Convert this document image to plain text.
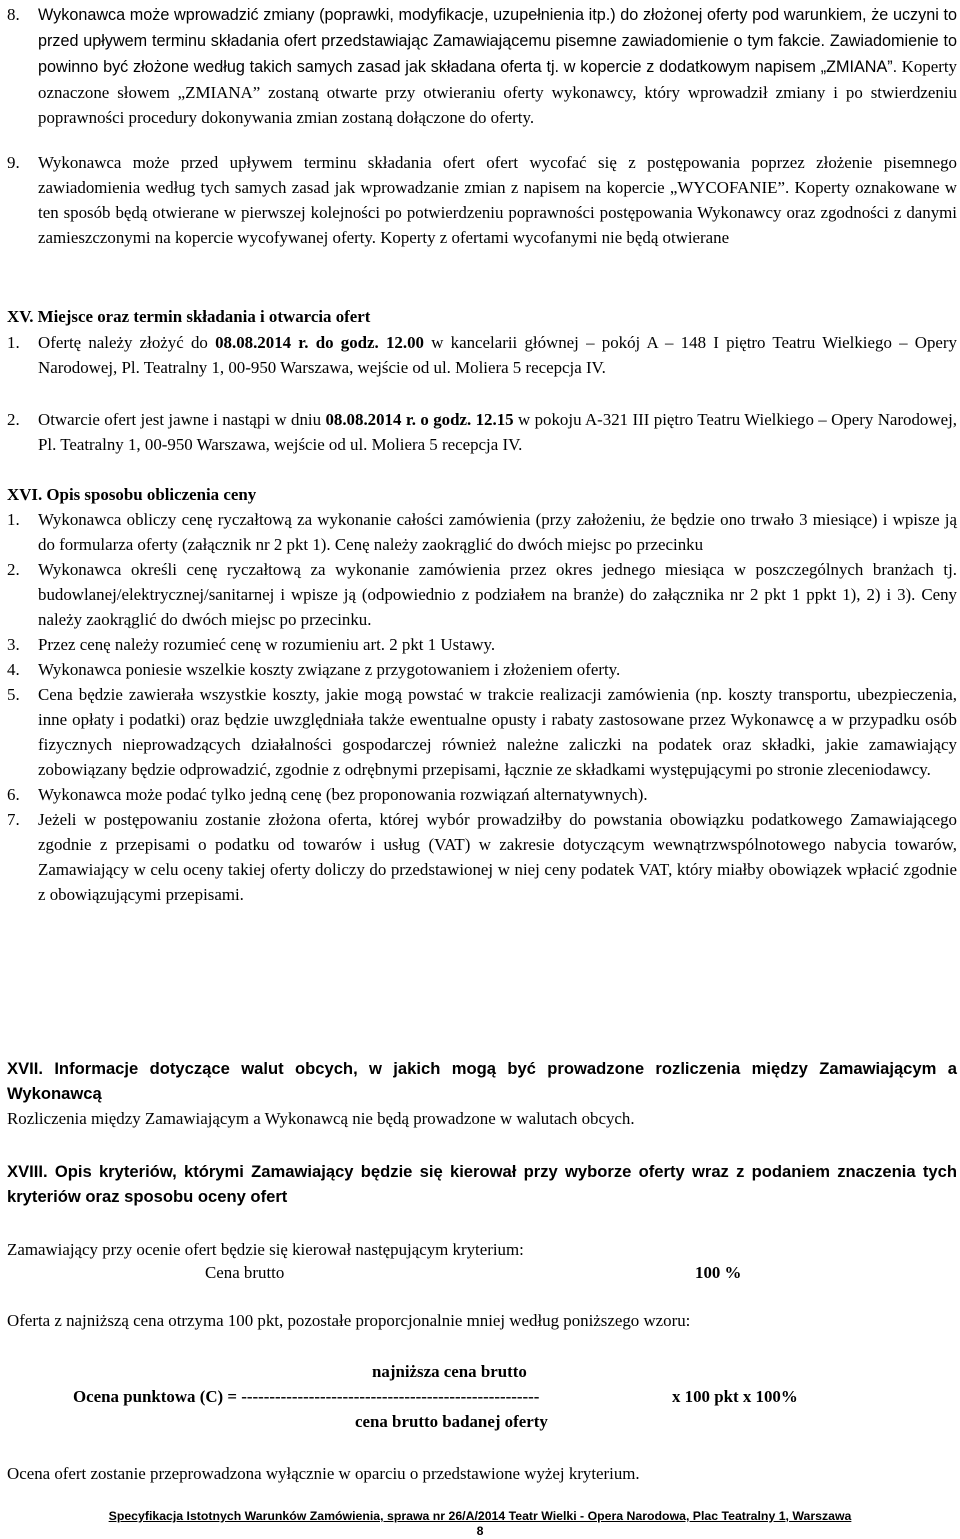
8. Wykonawca może wprowadzić zmiany (poprawki, modyfikacje, uzupełnienia itp.) do złożonej oferty pod warunkiem, że uczyni to przed upływem terminu składania ofert przedstawiając Zamawiającemu pisemne zawiadomienie o tym fakcie. Zawiadomienie to powinno być złożone według takich samych zasad jak składana oferta tj. w kopercie z dodatkowym napisem „ZMIANA”. Koperty oznaczone słowem „ZMIANA” zostaną otwarte przy otwieraniu oferty wykonawcy, który wprowadził zmiany i po stwierdzeniu poprawności procedury dokonywania zmian zostaną dołączone do oferty.

9. Wykonawca może przed upływem terminu składania ofert ofert wycofać się z postępowania poprzez złożenie pisemnego zawiadomienia według tych samych zasad jak wprowadzanie zmian z napisem na kopercie „WYCOFANIE”. Koperty oznakowane w ten sposób będą otwierane w pierwszej kolejności po potwierdzeniu poprawności postępowania Wykonawcy oraz zgodności z danymi zamieszczonymi na kopercie wycofywanej oferty. Koperty z ofertami wycofanymi nie będą otwierane

XV. Miejsce oraz termin składania i otwarcia ofert

1. Ofertę należy złożyć do 08.08.2014 r. do godz. 12.00 w kancelarii głównej – pokój A – 148 I piętro Teatru Wielkiego – Opery Narodowej, Pl. Teatralny 1, 00-950 Warszawa, wejście od ul. Moliera 5 recepcja IV.

2. Otwarcie ofert jest jawne i nastąpi w dniu 08.08.2014 r. o godz. 12.15 w pokoju A-321 III piętro Teatru Wielkiego – Opery Narodowej, Pl. Teatralny 1, 00-950 Warszawa, wejście od ul. Moliera 5 recepcja IV.

XVI. Opis sposobu obliczenia ceny

1. Wykonawca obliczy cenę ryczałtową za wykonanie całości zamówienia (przy założeniu, że będzie ono trwało 3 miesiące) i wpisze ją do formularza oferty (załącznik nr 2 pkt 1). Cenę należy zaokrąglić do dwóch miejsc po przecinku

2. Wykonawca określi cenę ryczałtową za wykonanie zamówienia przez okres jednego miesiąca w poszczególnych branżach tj. budowlanej/elektrycznej/sanitarnej i wpisze ją (odpowiednio z podziałem na branże) do załącznika nr 2 pkt 1 ppkt 1), 2) i 3). Ceny należy zaokrąglić do dwóch miejsc po przecinku.

3. Przez cenę należy rozumieć cenę w rozumieniu art. 2 pkt 1 Ustawy.

4. Wykonawca poniesie wszelkie koszty związane z przygotowaniem i złożeniem oferty.

5. Cena będzie zawierała wszystkie koszty, jakie mogą powstać w trakcie realizacji zamówienia (np. koszty transportu, ubezpieczenia, inne opłaty i podatki) oraz będzie uwzględniała także ewentualne opusty i rabaty zastosowane przez Wykonawcę a w przypadku osób fizycznych nieprowadzących działalności gospodarczej również należne zaliczki na podatek oraz składki, jakie zamawiający zobowiązany będzie odprowadzić, zgodnie z odrębnymi przepisami, łącznie ze składkami występującymi po stronie zleceniodawcy.

6. Wykonawca może podać tylko jedną cenę (bez proponowania rozwiązań alternatywnych).

7. Jeżeli w postępowaniu zostanie złożona oferta, której wybór prowadziłby do powstania obowiązku podatkowego Zamawiającego zgodnie z przepisami o podatku od towarów i usług (VAT) w zakresie dotyczącym wewnątrzwspólnotowego nabycia towarów, Zamawiający w celu oceny takiej oferty doliczy do przedstawionej w niej ceny podatek VAT, który miałby obowiązek wpłacić zgodnie z obowiązującymi przepisami.

XVII. Informacje dotyczące walut obcych, w jakich mogą być prowadzone rozliczenia między Zamawiającym a Wykonawcą

Rozliczenia między Zamawiającym a Wykonawcą nie będą prowadzone w walutach obcych.

XVIII. Opis kryteriów, którymi Zamawiający będzie się kierował przy wyborze oferty wraz z podaniem znaczenia tych kryteriów oraz sposobu oceny ofert

Zamawiający przy ocenie ofert będzie się kierował następującym kryterium:

Cena brutto	100 %

Oferta z najniższą cena otrzyma 100 pkt, pozostałe proporcjonalnie mniej według poniższego wzoru:

najniższa cena brutto
Ocena punktowa (C) = -----------------------------------------------------	x 100 pkt x 100%
cena brutto badanej oferty

Ocena ofert zostanie przeprowadzona wyłącznie w oparciu o przedstawione wyżej kryterium.

Specyfikacja Istotnych Warunków Zamówienia, sprawa nr 26/A/2014 Teatr Wielki - Opera Narodowa, Plac Teatralny 1, Warszawa
8
